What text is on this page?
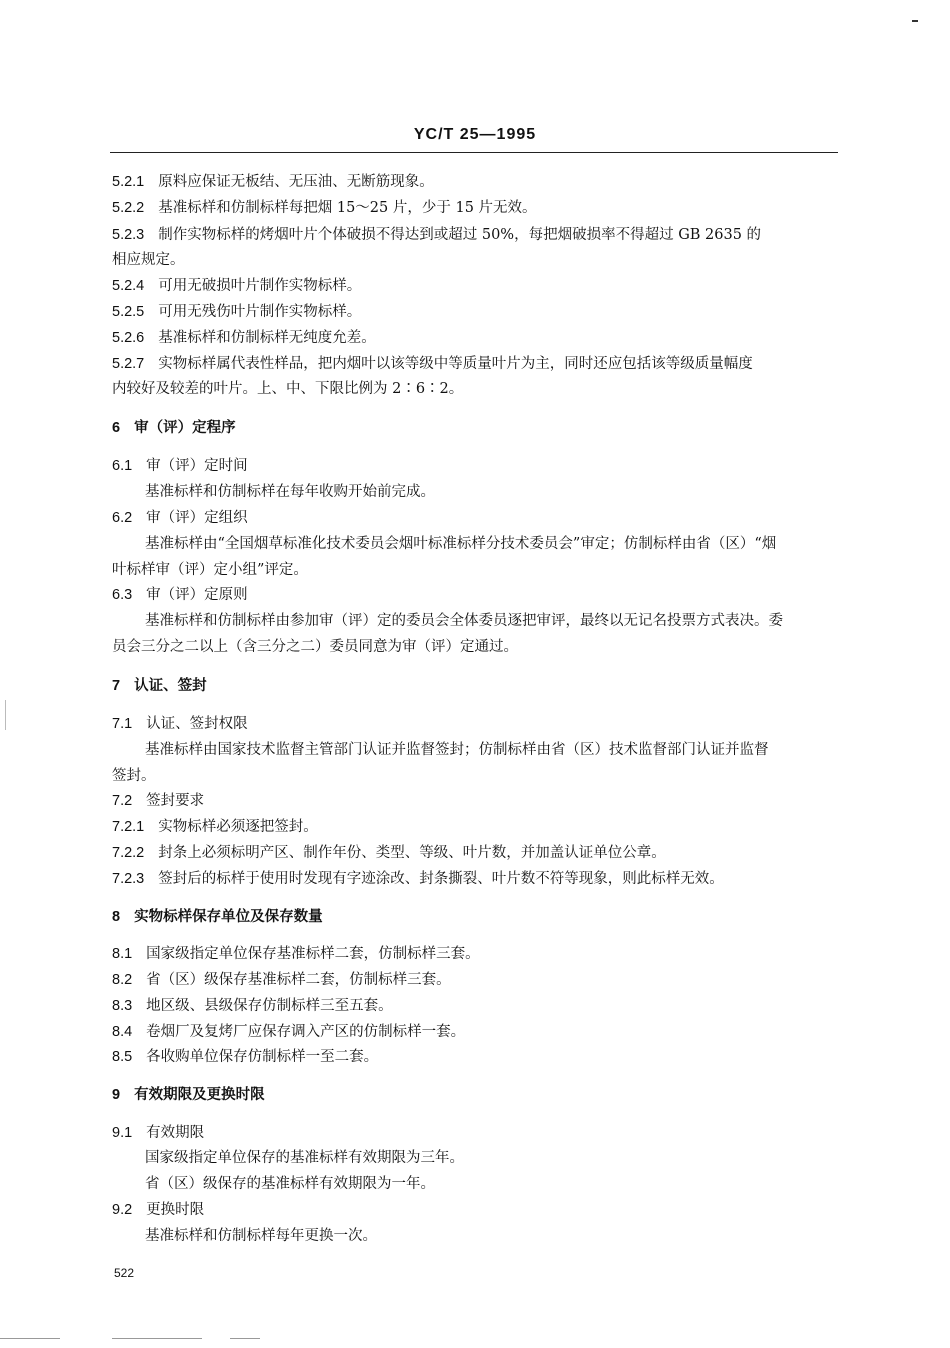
YC/T 25—1995
5.2.1 原料应保证无板结、无压油、无断筋现象。
5.2.2 基准标样和仿制标样每把烟 15～25 片，少于 15 片无效。
5.2.3 制作实物标样的烤烟叶片个体破损不得达到或超过 50%，每把烟破损率不得超过 GB 2635 的
相应规定。
5.2.4 可用无破损叶片制作实物标样。
5.2.5 可用无残伤叶片制作实物标样。
5.2.6 基准标样和仿制标样无纯度允差。
5.2.7 实物标样属代表性样品，把内烟叶以该等级中等质量叶片为主，同时还应包括该等级质量幅度
内较好及较差的叶片。上、中、下限比例为 2∶6∶2。
6 审（评）定程序
6.1 审（评）定时间
基准标样和仿制标样在每年收购开始前完成。
6.2 审（评）定组织
基准标样由“全国烟草标准化技术委员会烟叶标准标样分技术委员会”审定；仿制标样由省（区）“烟
叶标样审（评）定小组”评定。
6.3 审（评）定原则
基准标样和仿制标样由参加审（评）定的委员会全体委员逐把审评，最终以无记名投票方式表决。委
员会三分之二以上（含三分之二）委员同意为审（评）定通过。
7 认证、签封
7.1 认证、签封权限
基准标样由国家技术监督主管部门认证并监督签封；仿制标样由省（区）技术监督部门认证并监督
签封。
7.2 签封要求
7.2.1 实物标样必须逐把签封。
7.2.2 封条上必须标明产区、制作年份、类型、等级、叶片数，并加盖认证单位公章。
7.2.3 签封后的标样于使用时发现有字迹涂改、封条撕裂、叶片数不符等现象，则此标样无效。
8 实物标样保存单位及保存数量
8.1 国家级指定单位保存基准标样二套，仿制标样三套。
8.2 省（区）级保存基准标样二套，仿制标样三套。
8.3 地区级、县级保存仿制标样三至五套。
8.4 卷烟厂及复烤厂应保存调入产区的仿制标样一套。
8.5 各收购单位保存仿制标样一至二套。
9 有效期限及更换时限
9.1 有效期限
国家级指定单位保存的基准标样有效期限为三年。
省（区）级保存的基准标样有效期限为一年。
9.2 更换时限
基准标样和仿制标样每年更换一次。
522
